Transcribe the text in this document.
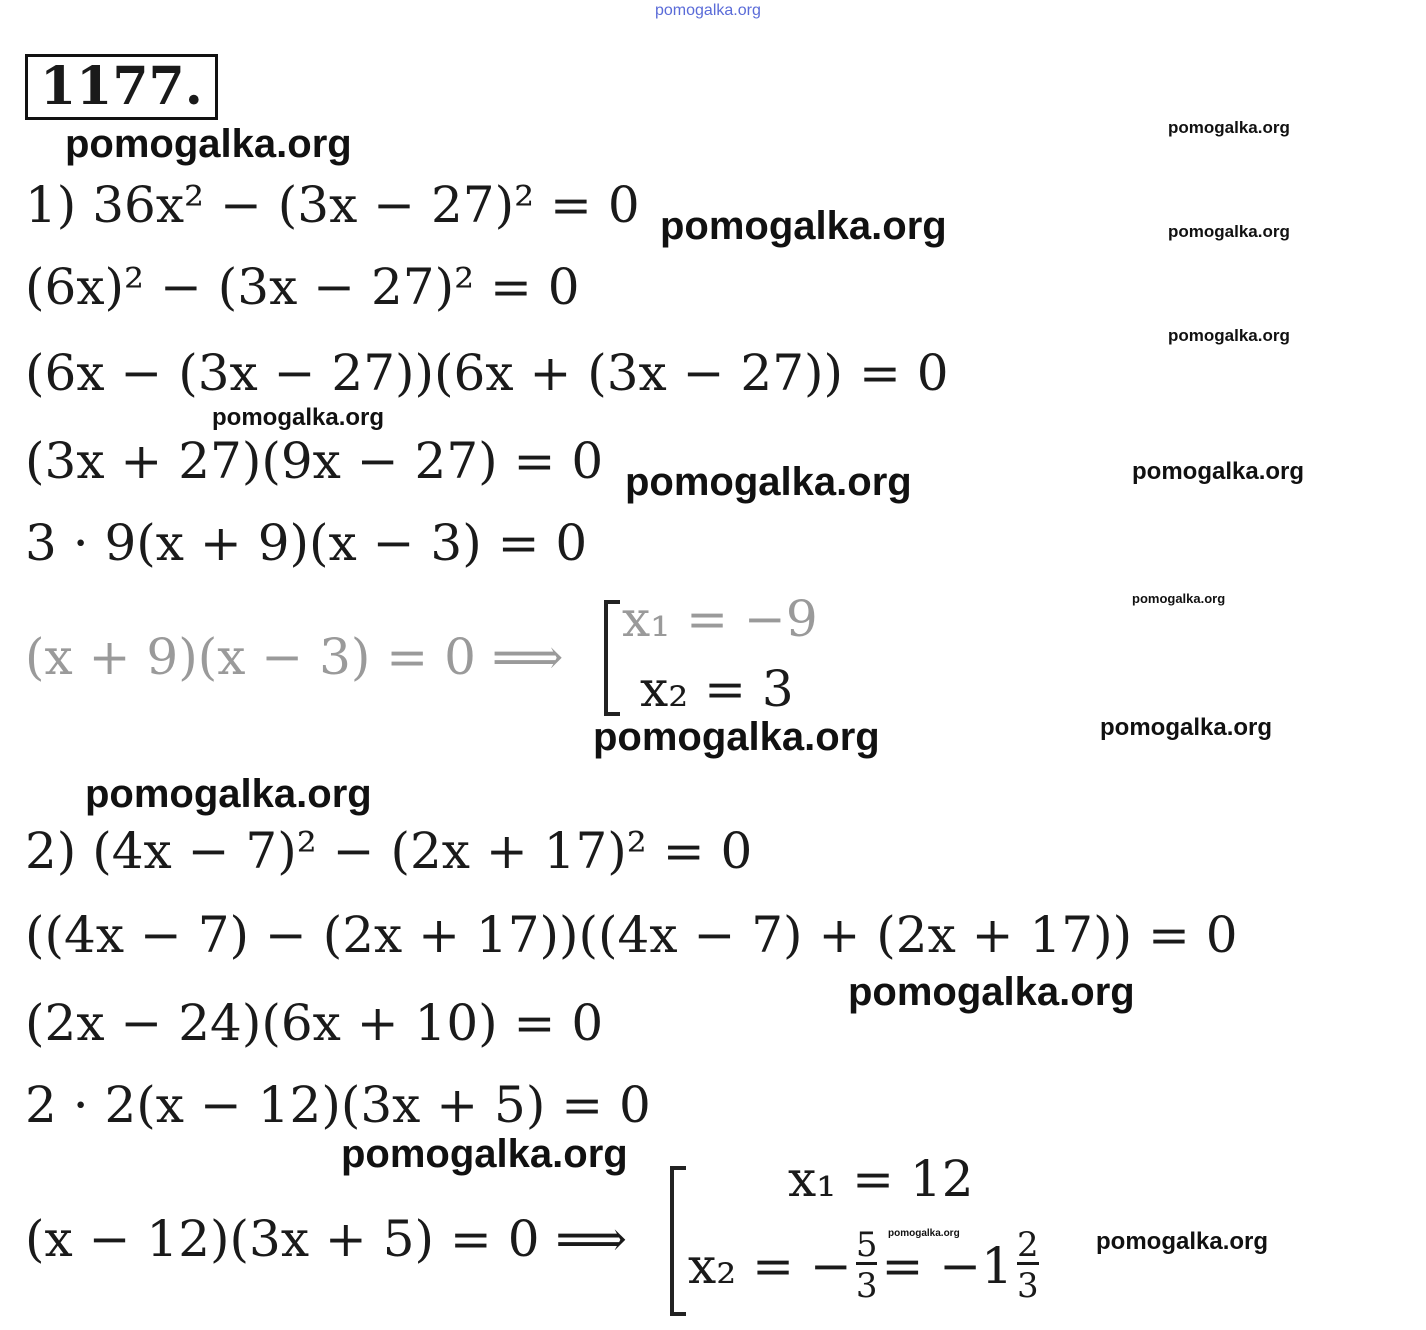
pomogalka.org
1177.
pomogalka.org	pomogalka.org
pomogalka.org	pomogalka.org
pomogalka.org
pomogalka.org
pomogalka.org	pomogalka.org
pomogalka.org
pomogalka.org	pomogalka.org
pomogalka.org
pomogalka.org
pomogalka.org
pomogalka.org	pomogalka.org
1) 36x² − (3x − 27)² = 0
(6x)² − (3x − 27)² = 0
(6x − (3x − 27))(6x + (3x − 27)) = 0
(3x + 27)(9x − 27) = 0
3 · 9(x + 9)(x − 3) = 0
(x + 9)(x − 3) = 0 ⟹
x₁ = −9
x₂ = 3
2) (4x − 7)² − (2x + 17)² = 0
((4x − 7) − (2x + 17))((4x − 7) + (2x + 17)) = 0
(2x − 24)(6x + 10) = 0
2 · 2(x − 12)(3x + 5) = 0
(x − 12)(3x + 5) = 0 ⟹
x₁ = 12
x₂ = − $\frac{5}{3} = -1 \frac{2}{3}$
